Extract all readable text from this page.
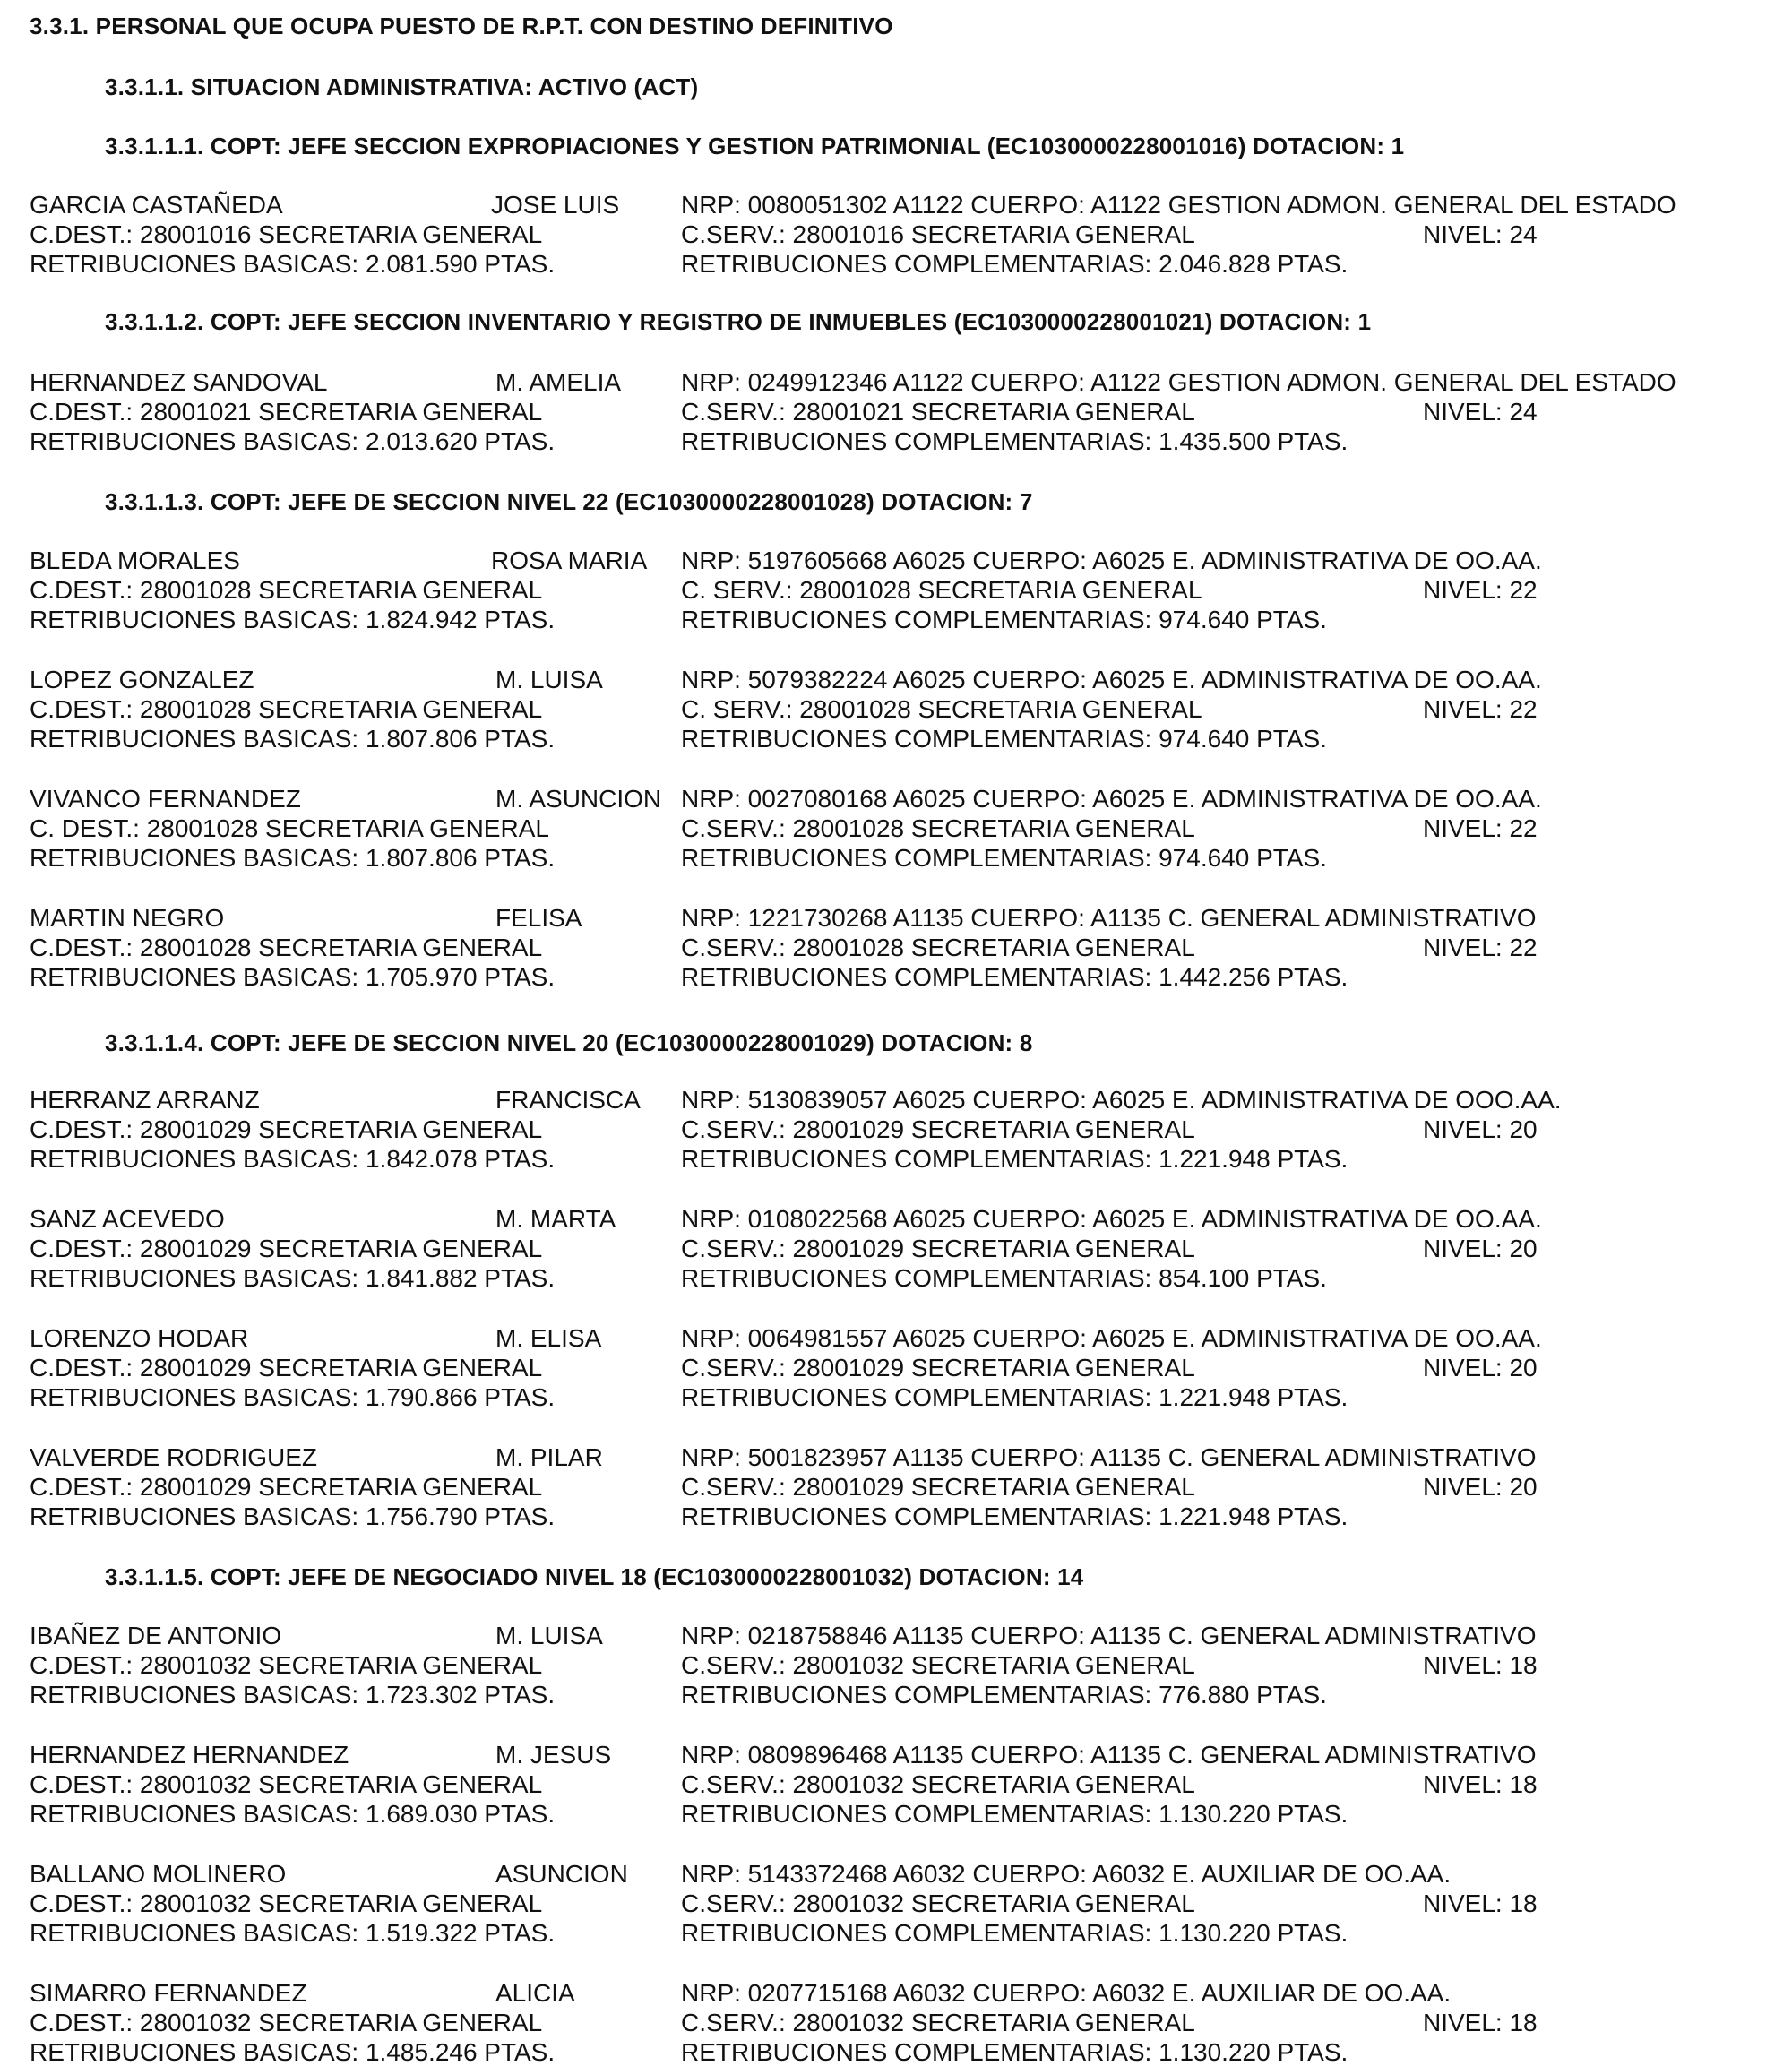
3.3.1. PERSONAL QUE OCUPA PUESTO DE R.P.T. CON DESTINO DEFINITIVO
3.3.1.1. SITUACION ADMINISTRATIVA: ACTIVO (ACT)
3.3.1.1.1. COPT: JEFE SECCION EXPROPIACIONES Y GESTION PATRIMONIAL (EC1030000228001016) DOTACION: 1
GARCIA CASTAÑEDA	JOSE LUIS NRP: 0080051302 A1122 CUERPO: A1122 GESTION ADMON. GENERAL DEL ESTADO
C.DEST.: 28001016 SECRETARIA GENERAL	C.SERV.: 28001016 SECRETARIA GENERAL	NIVEL: 24
RETRIBUCIONES BASICAS: 2.081.590 PTAS.	RETRIBUCIONES COMPLEMENTARIAS: 2.046.828 PTAS.
3.3.1.1.2. COPT: JEFE SECCION INVENTARIO Y REGISTRO DE INMUEBLES (EC1030000228001021) DOTACION: 1
HERNANDEZ SANDOVAL	M. AMELIA NRP: 0249912346 A1122 CUERPO: A1122 GESTION ADMON. GENERAL DEL ESTADO
C.DEST.: 28001021 SECRETARIA GENERAL	C.SERV.: 28001021 SECRETARIA GENERAL	NIVEL: 24
RETRIBUCIONES BASICAS: 2.013.620 PTAS.	RETRIBUCIONES COMPLEMENTARIAS: 1.435.500 PTAS.
3.3.1.1.3. COPT: JEFE DE SECCION NIVEL 22 (EC1030000228001028) DOTACION: 7
BLEDA MORALES	ROSA MARIA NRP: 5197605668 A6025 CUERPO: A6025 E. ADMINISTRATIVA DE OO.AA.
C.DEST.: 28001028 SECRETARIA GENERAL	C. SERV.: 28001028 SECRETARIA GENERAL	NIVEL: 22
RETRIBUCIONES BASICAS: 1.824.942 PTAS.	RETRIBUCIONES COMPLEMENTARIAS: 974.640 PTAS.
LOPEZ GONZALEZ	M. LUISA	NRP: 5079382224 A6025 CUERPO: A6025 E. ADMINISTRATIVA DE OO.AA.
C.DEST.: 28001028 SECRETARIA GENERAL	C. SERV.: 28001028 SECRETARIA GENERAL	NIVEL: 22
RETRIBUCIONES BASICAS: 1.807.806 PTAS.	RETRIBUCIONES COMPLEMENTARIAS: 974.640 PTAS.
VIVANCO FERNANDEZ	M. ASUNCION NRP: 0027080168 A6025 CUERPO: A6025 E. ADMINISTRATIVA DE OO.AA.
C. DEST.: 28001028 SECRETARIA GENERAL	C.SERV.: 28001028 SECRETARIA GENERAL	NIVEL: 22
RETRIBUCIONES BASICAS: 1.807.806 PTAS.	RETRIBUCIONES COMPLEMENTARIAS: 974.640 PTAS.
MARTIN NEGRO	FELISA	NRP: 1221730268 A1135 CUERPO: A1135 C. GENERAL ADMINISTRATIVO
C.DEST.: 28001028 SECRETARIA GENERAL	C.SERV.: 28001028 SECRETARIA GENERAL	NIVEL: 22
RETRIBUCIONES BASICAS: 1.705.970 PTAS.	RETRIBUCIONES COMPLEMENTARIAS: 1.442.256 PTAS.
3.3.1.1.4. COPT: JEFE DE SECCION NIVEL 20 (EC1030000228001029) DOTACION: 8
HERRANZ ARRANZ	FRANCISCA NRP: 5130839057 A6025 CUERPO: A6025 E. ADMINISTRATIVA DE OOO.AA.
C.DEST.: 28001029 SECRETARIA GENERAL	C.SERV.: 28001029 SECRETARIA GENERAL	NIVEL: 20
RETRIBUCIONES BASICAS: 1.842.078 PTAS.	RETRIBUCIONES COMPLEMENTARIAS: 1.221.948 PTAS.
SANZ ACEVEDO	M. MARTA	NRP: 0108022568 A6025 CUERPO: A6025 E. ADMINISTRATIVA DE OO.AA.
C.DEST.: 28001029 SECRETARIA GENERAL	C.SERV.: 28001029 SECRETARIA GENERAL	NIVEL: 20
RETRIBUCIONES BASICAS: 1.841.882 PTAS.	RETRIBUCIONES COMPLEMENTARIAS: 854.100 PTAS.
LORENZO HODAR	M. ELISA	NRP: 0064981557 A6025 CUERPO: A6025 E. ADMINISTRATIVA DE OO.AA.
C.DEST.: 28001029 SECRETARIA GENERAL	C.SERV.: 28001029 SECRETARIA GENERAL	NIVEL: 20
RETRIBUCIONES BASICAS: 1.790.866 PTAS.	RETRIBUCIONES COMPLEMENTARIAS: 1.221.948 PTAS.
VALVERDE RODRIGUEZ	M. PILAR	NRP: 5001823957 A1135 CUERPO: A1135 C. GENERAL ADMINISTRATIVO
C.DEST.: 28001029 SECRETARIA GENERAL	C.SERV.: 28001029 SECRETARIA GENERAL	NIVEL: 20
RETRIBUCIONES BASICAS: 1.756.790 PTAS.	RETRIBUCIONES COMPLEMENTARIAS: 1.221.948 PTAS.
3.3.1.1.5. COPT: JEFE DE NEGOCIADO NIVEL 18 (EC1030000228001032) DOTACION: 14
IBAÑEZ DE ANTONIO	M. LUISA	NRP: 0218758846 A1135 CUERPO: A1135 C. GENERAL ADMINISTRATIVO
C.DEST.: 28001032 SECRETARIA GENERAL	C.SERV.: 28001032 SECRETARIA GENERAL	NIVEL: 18
RETRIBUCIONES BASICAS: 1.723.302 PTAS.	RETRIBUCIONES COMPLEMENTARIAS: 776.880 PTAS.
HERNANDEZ HERNANDEZ	M. JESUS	NRP: 0809896468 A1135 CUERPO: A1135 C. GENERAL ADMINISTRATIVO
C.DEST.: 28001032 SECRETARIA GENERAL	C.SERV.: 28001032 SECRETARIA GENERAL	NIVEL: 18
RETRIBUCIONES BASICAS: 1.689.030 PTAS.	RETRIBUCIONES COMPLEMENTARIAS: 1.130.220 PTAS.
BALLANO MOLINERO	ASUNCION NRP: 5143372468 A6032 CUERPO: A6032 E. AUXILIAR DE OO.AA.
C.DEST.: 28001032 SECRETARIA GENERAL	C.SERV.: 28001032 SECRETARIA GENERAL	NIVEL: 18
RETRIBUCIONES BASICAS: 1.519.322 PTAS.	RETRIBUCIONES COMPLEMENTARIAS: 1.130.220 PTAS.
SIMARRO FERNANDEZ	ALICIA	NRP: 0207715168 A6032 CUERPO: A6032 E. AUXILIAR DE OO.AA.
C.DEST.: 28001032 SECRETARIA GENERAL	C.SERV.: 28001032 SECRETARIA GENERAL	NIVEL: 18
RETRIBUCIONES BASICAS: 1.485.246 PTAS.	RETRIBUCIONES COMPLEMENTARIAS: 1.130.220 PTAS.
